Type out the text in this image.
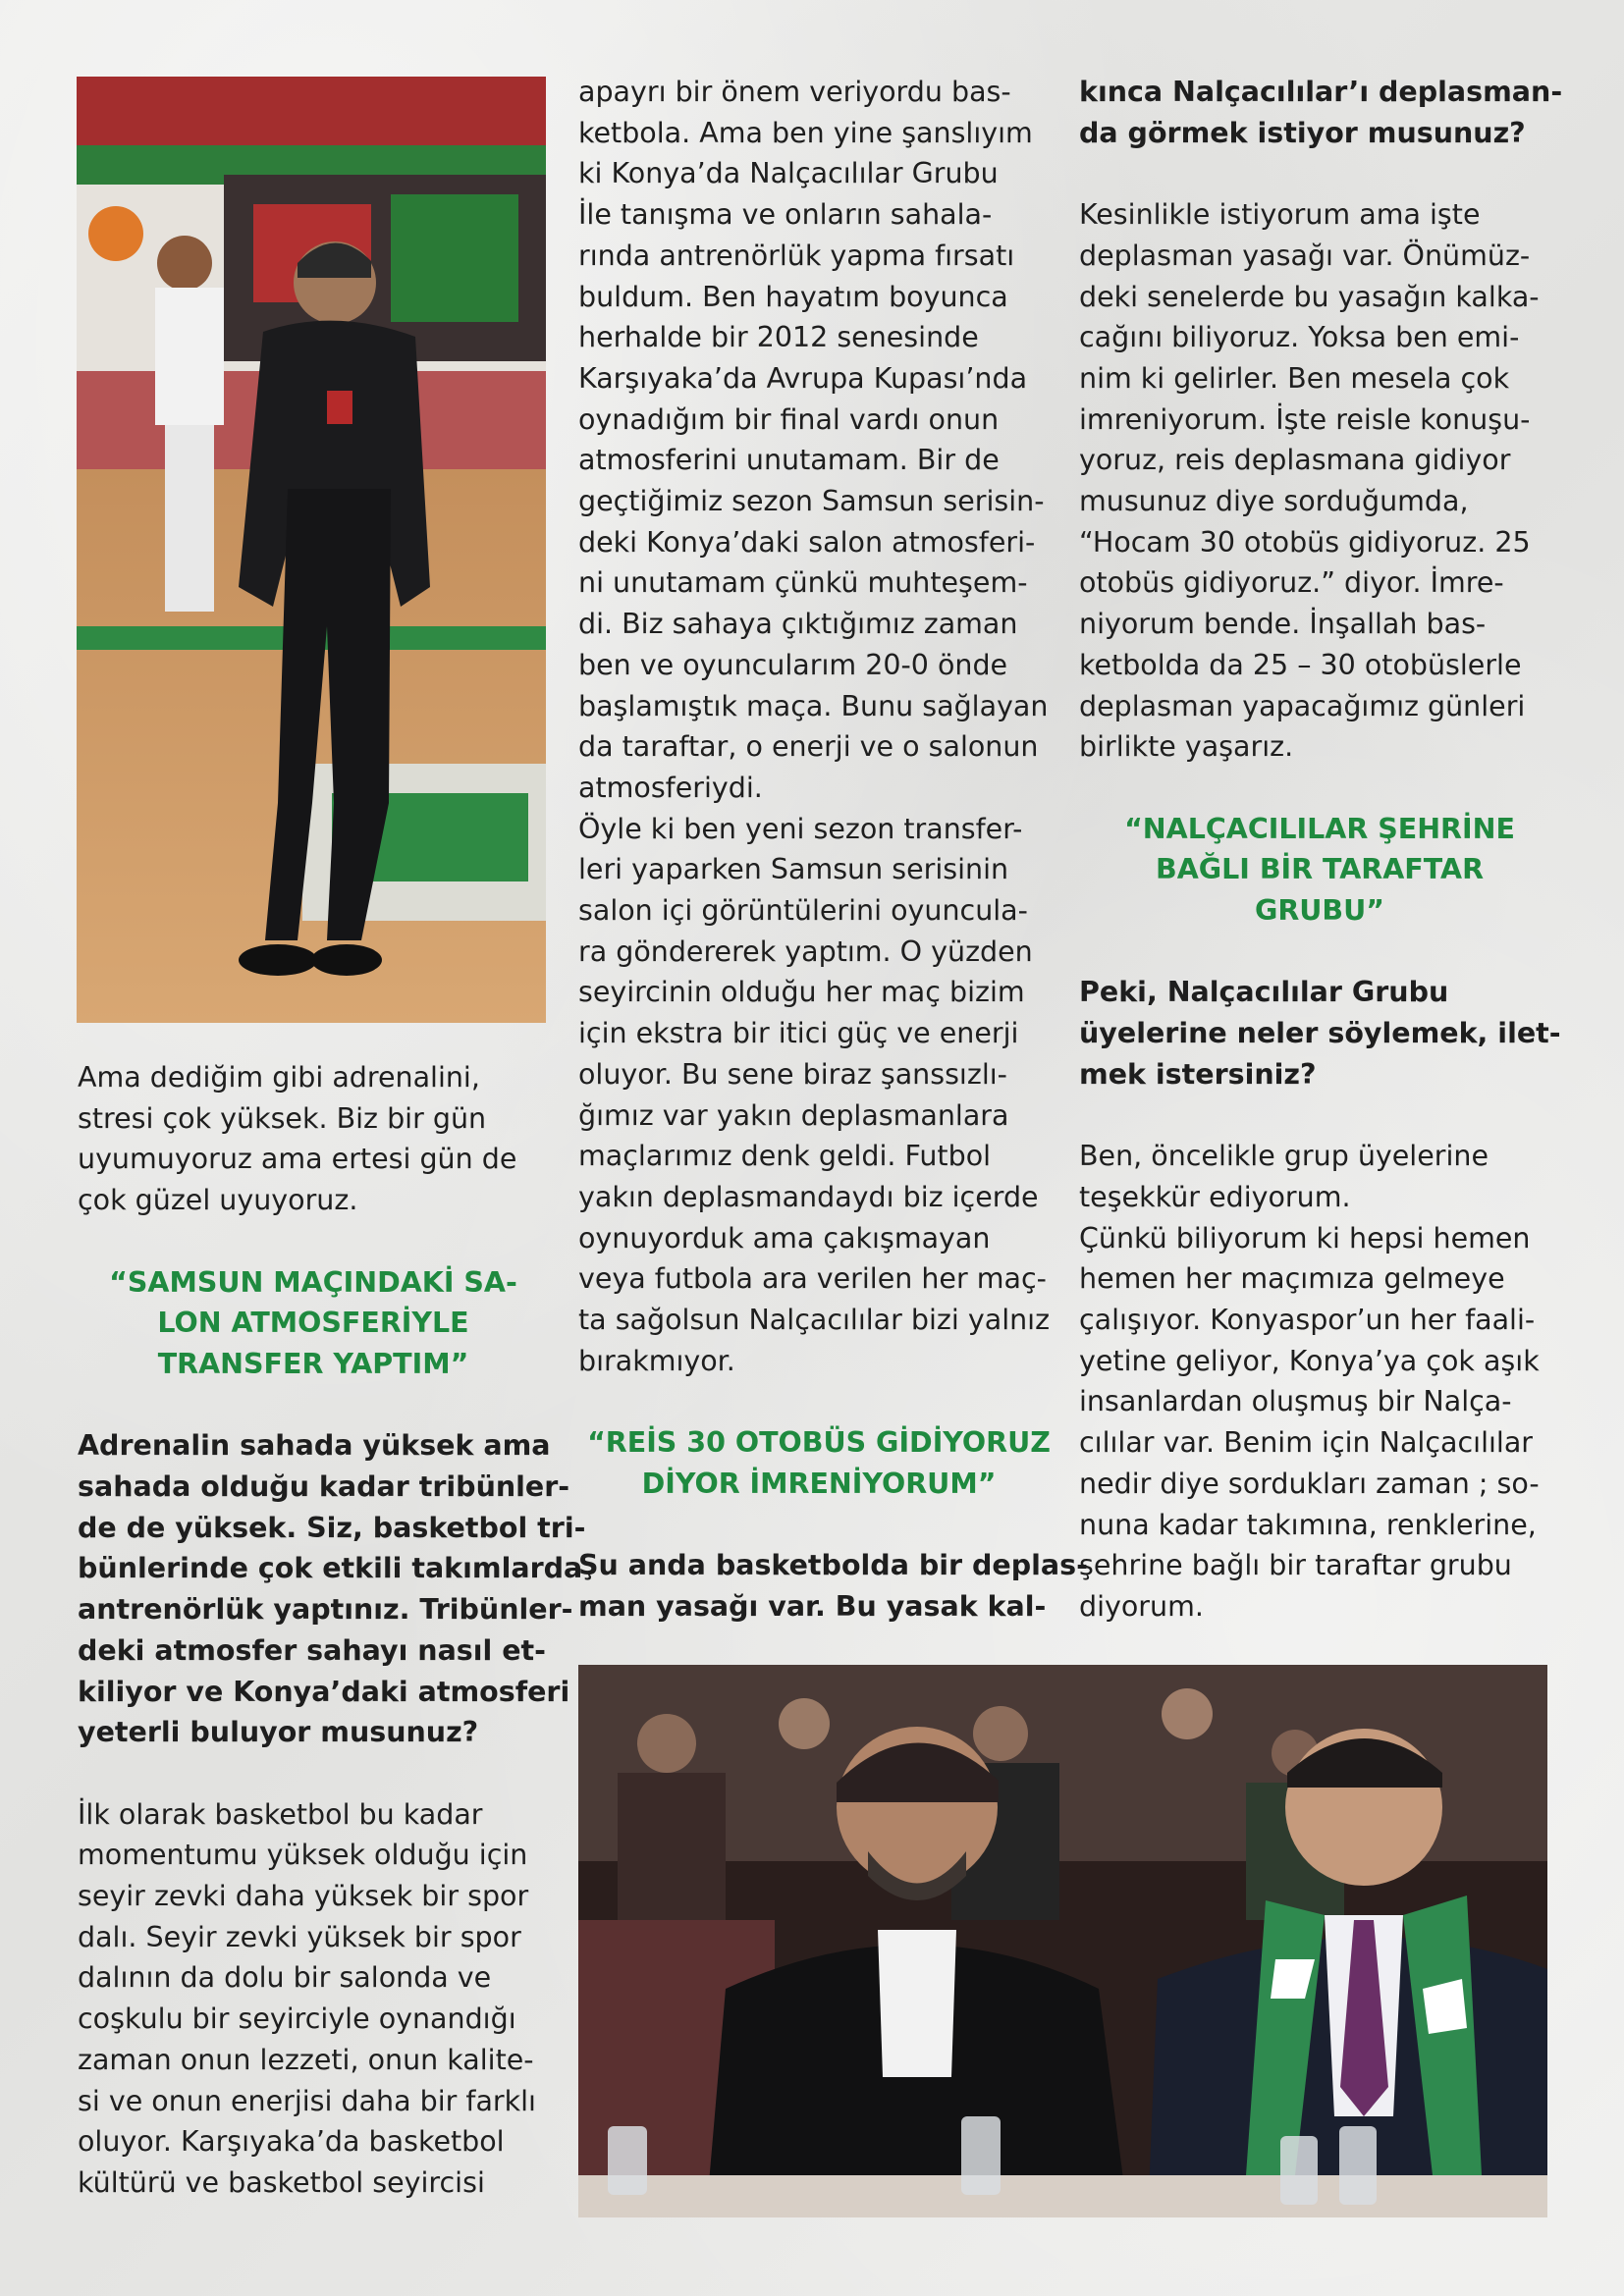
Ama dediğim gibi adrenalini,

stresi çok yüksek. Biz bir gün

uyumuyoruz ama ertesi gün de

çok güzel uyuyoruz.

“SAMSUN MAÇINDAKİ SA-

LON ATMOSFERİYLE

TRANSFER YAPTIM”

Adrenalin sahada yüksek ama

sahada olduğu kadar tribünler-

de de yüksek. Siz, basketbol tri-

bünlerinde çok etkili takımlarda

antrenörlük yaptınız. Tribünler-

deki atmosfer sahayı nasıl et-

kiliyor ve Konya’daki atmosferi

yeterli buluyor musunuz?

İlk olarak basketbol bu kadar

momentumu yüksek olduğu için

seyir zevki daha yüksek bir spor

dalı. Seyir zevki yüksek bir spor

dalının da dolu bir salonda ve

coşkulu bir seyirciyle oynandığı

zaman onun lezzeti, onun kalite-

si ve onun enerjisi daha bir farklı

oluyor. Karşıyaka’da basketbol

kültürü ve basketbol seyircisi

apayrı bir önem veriyordu bas-

ketbola. Ama ben yine şanslıyım

ki Konya’da Nalçacılılar Grubu

İle tanışma ve onların sahala-

rında antrenörlük yapma fırsatı

buldum. Ben hayatım boyunca

herhalde bir 2012 senesinde

Karşıyaka’da Avrupa Kupası’nda

oynadığım bir final vardı onun

atmosferini unutamam. Bir de

geçtiğimiz sezon Samsun serisin-

deki Konya’daki salon atmosferi-

ni unutamam çünkü muhteşem-

di. Biz sahaya çıktığımız zaman

ben ve oyuncularım 20-0 önde

başlamıştık maça. Bunu sağlayan

da taraftar, o enerji ve o salonun

atmosferiydi.

Öyle ki ben yeni sezon transfer-

leri yaparken Samsun serisinin

salon içi görüntülerini oyuncula-

ra göndererek yaptım. O yüzden

seyircinin olduğu her maç bizim

için ekstra bir itici güç ve enerji

oluyor. Bu sene biraz şanssızlı-

ğımız var yakın deplasmanlara

maçlarımız denk geldi. Futbol

yakın deplasmandaydı biz içerde

oynuyorduk ama çakışmayan

veya futbola ara verilen her maç-

ta sağolsun Nalçacılılar bizi yalnız

bırakmıyor.

“REİS 30 OTOBÜS GİDİYORUZ

DİYOR İMRENİYORUM”

Şu anda basketbolda bir deplas-

man yasağı var. Bu yasak kal-

kınca Nalçacılılar’ı deplasman-

da görmek istiyor musunuz?

Kesinlikle istiyorum ama işte

deplasman yasağı var. Önümüz-

deki senelerde bu yasağın kalka-

cağını biliyoruz. Yoksa ben emi-

nim ki gelirler. Ben mesela çok

imreniyorum. İşte reisle konuşu-

yoruz, reis deplasmana gidiyor

musunuz diye sorduğumda,

“Hocam 30 otobüs gidiyoruz. 25

otobüs gidiyoruz.” diyor. İmre-

niyorum bende. İnşallah bas-

ketbolda da 25 – 30 otobüslerle

deplasman yapacağımız günleri

birlikte yaşarız.

“NALÇACILILAR ŞEHRİNE

BAĞLI BİR TARAFTAR

GRUBU”

Peki, Nalçacılılar Grubu

üyelerine neler söylemek, ilet-

mek istersiniz?

Ben, öncelikle grup üyelerine

teşekkür ediyorum.

Çünkü biliyorum ki hepsi hemen

hemen her maçımıza gelmeye

çalışıyor. Konyaspor’un her faali-

yetine geliyor, Konya’ya çok aşık

insanlardan oluşmuş bir Nalça-

cılılar var. Benim için Nalçacılılar

nedir diye sordukları zaman ; so-

nuna kadar takımına, renklerine,

şehrine bağlı bir taraftar grubu

diyorum.
